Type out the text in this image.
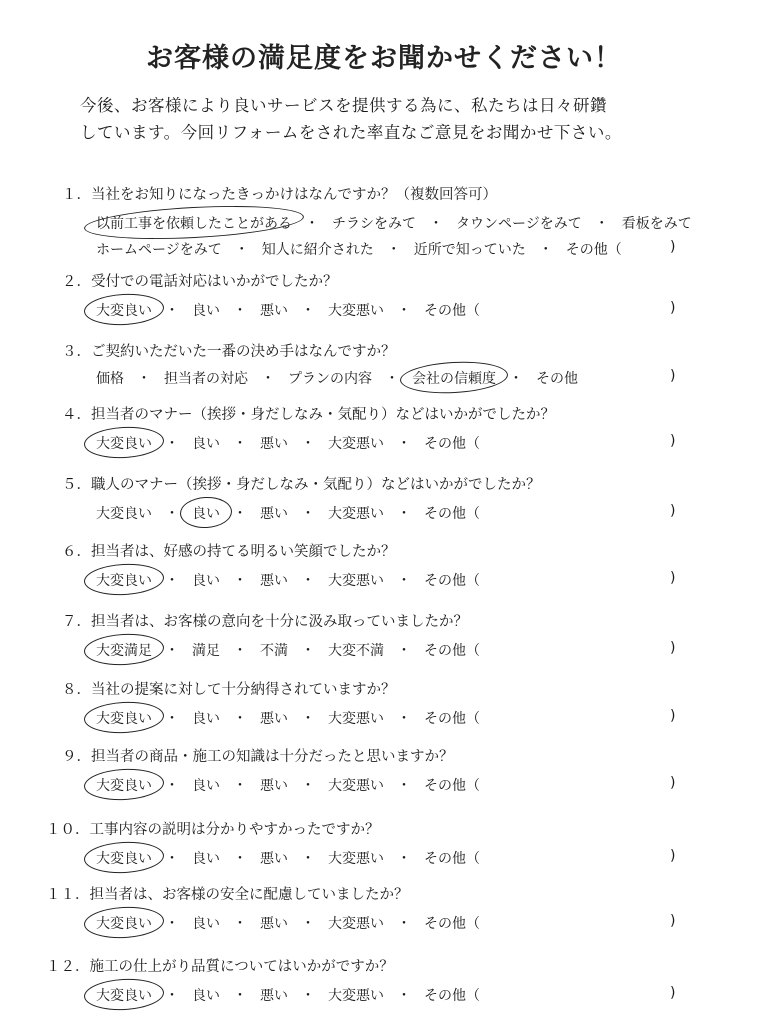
お客様の満足度をお聞かせください！
今後、お客様により良いサービスを提供する為に、私たちは日々研鑽
しています。今回リフォームをされた率直なご意見をお聞かせ下さい。
１．当社をお知りになったきっかけはなんですか？（複数回答可）
以前工事を依頼したことがある ・ チラシをみて ・ タウンページをみて ・ 看板をみて
ホームページをみて ・ 知人に紹介された ・ 近所で知っていた ・ その他（	)
２．受付での電話対応はいかがでしたか？
大変良い ・ 良い ・ 悪い ・ 大変悪い ・ その他（	)
３．ご契約いただいた一番の決め手はなんですか？
価格 ・ 担当者の対応 ・ プランの内容 ・ 会社の信頼度 ・ その他	)
４．担当者のマナー（挨拶・身だしなみ・気配り）などはいかがでしたか？
大変良い ・ 良い ・ 悪い ・ 大変悪い ・ その他（	)
５．職人のマナー（挨拶・身だしなみ・気配り）などはいかがでしたか？
大変良い ・ 良い ・ 悪い ・ 大変悪い ・ その他（	)
６．担当者は、好感の持てる明るい笑顔でしたか？
大変良い ・ 良い ・ 悪い ・ 大変悪い ・ その他（	)
７．担当者は、お客様の意向を十分に汲み取っていましたか？
大変満足 ・ 満足 ・ 不満 ・ 大変不満 ・ その他（	)
８．当社の提案に対して十分納得されていますか？
大変良い ・ 良い ・ 悪い ・ 大変悪い ・ その他（	)
９．担当者の商品・施工の知識は十分だったと思いますか？
大変良い ・ 良い ・ 悪い ・ 大変悪い ・ その他（	)
１０．工事内容の説明は分かりやすかったですか？
大変良い ・ 良い ・ 悪い ・ 大変悪い ・ その他（	)
１１．担当者は、お客様の安全に配慮していましたか？
大変良い ・ 良い ・ 悪い ・ 大変悪い ・ その他（	)
１２．施工の仕上がり品質についてはいかがですか？
大変良い ・ 良い ・ 悪い ・ 大変悪い ・ その他（	)
